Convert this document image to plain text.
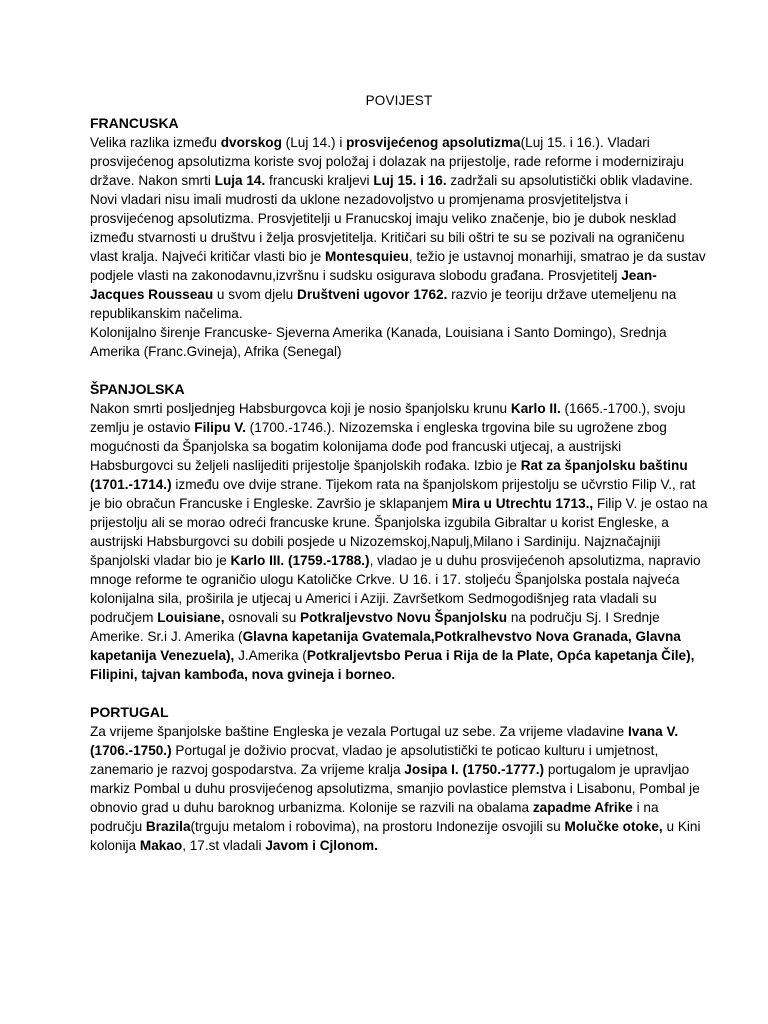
POVIJEST
FRANCUSKA

Velika razlika između dvorskog (Luj 14.) i prosvijećenog apsolutizma(Luj 15. i 16.). Vladari prosvijećenog apsolutizma koriste svoj položaj i dolazak na prijestolje, rade reforme i moderniziraju države. Nakon smrti Luja 14. francuski kraljevi Luj 15. i 16. zadržali su apsolutistički oblik vladavine. Novi vladari nisu imali mudrosti da uklone nezadovoljstvo u promjenama prosvjetiteljstva i prosvijećenog apsolutizma. Prosvjetitelji u Franucskoj imaju veliko značenje, bio je dubok nesklad između stvarnosti u društvu i želja prosvjetitelja. Kritičari su bili oštri te su se pozivali na ograničenu vlast kralja. Najveći kritičar vlasti bio je Montesquieu, težio je ustavnoj monarhiji, smatrao je da sustav podjele vlasti na zakonodavnu,izvršnu i sudsku osigurava slobodu građana. Prosvjetitelj Jean-Jacques Rousseau u svom djelu Društveni ugovor 1762. razvio je teoriju države utemeljenu na republikanskim načelima.

Kolonijalno širenje Francuske- Sjeverna Amerika (Kanada, Louisiana i Santo Domingo), Srednja Amerika (Franc.Gvineja), Afrika (Senegal)

ŠPANJOLSKA

Nakon smrti posljednjeg Habsburgovca koji je nosio španjolsku krunu Karlo II. (1665.-1700.), svoju zemlju je ostavio Filipu V. (1700.-1746.). Nizozemska i engleska trgovina bile su ugrožene zbog mogućnosti da Španjolska sa bogatim kolonijama dođe pod francuski utjecaj, a austrijski Habsburgovci su željeli naslijediti prijestolje španjolskih rođaka. Izbio je Rat za španjolsku baštinu (1701.-1714.) između ove dvije strane. Tijekom rata na španjolskom prijestolju se učvrstio Filip V., rat je bio obračun Francuske i Engleske. Završio je sklapanjem Mira u Utrechtu 1713., Filip V. je ostao na prijestolju ali se morao odreći francuske krune. Španjolska izgubila Gibraltar u korist Engleske, a austrijski Habsburgovci su dobili posjede u Nizozemskoj,Napulj,Milano i Sardiniju. Najznačajniji španjolski vladar bio je Karlo III. (1759.-1788.), vladao je u duhu prosvijećenoh apsolutizma, napravio mnoge reforme te ograničio ulogu Katoličke Crkve. U 16. i 17. stoljeću Španjolska postala najveća kolonijalna sila, proširila je utjecaj u Americi i Aziji. Završetkom Sedmogodišnjeg rata vladali su područjem Louisiane, osnovali su Potkraljevstvo Novu Španjolsku na području Sj. I Srednje Amerike. Sr.i J. Amerika (Glavna kapetanija Gvatemala,Potkralhevstvo Nova Granada, Glavna kapetanija Venezuela), J.Amerika (Potkraljevtsbo Perua i Rija de la Plate, Opća kapetanja Čile), Filipini, tajvan kambođa, nova gvineja i borneo.

PORTUGAL

Za vrijeme španjolske baštine Engleska je vezala Portugal uz sebe. Za vrijeme vladavine Ivana V. (1706.-1750.) Portugal je doživio procvat, vladao je apsolutistički te poticao kulturu i umjetnost, zanemario je razvoj gospodarstva. Za vrijeme kralja Josipa I. (1750.-1777.) portugalom je upravljao markiz Pombal u duhu prosvijećenog apsolutizma, smanjio povlastice plemstva i Lisabonu, Pombal je obnovio grad u duhu baroknog urbanizma. Kolonije se razvili na obalama zapadme Afrike i na području Brazila(trguju metalom i robovima), na prostoru Indonezije osvojili su Molučke otoke, u Kini kolonija Makao, 17.st vladali Javom i Cjlonom.
